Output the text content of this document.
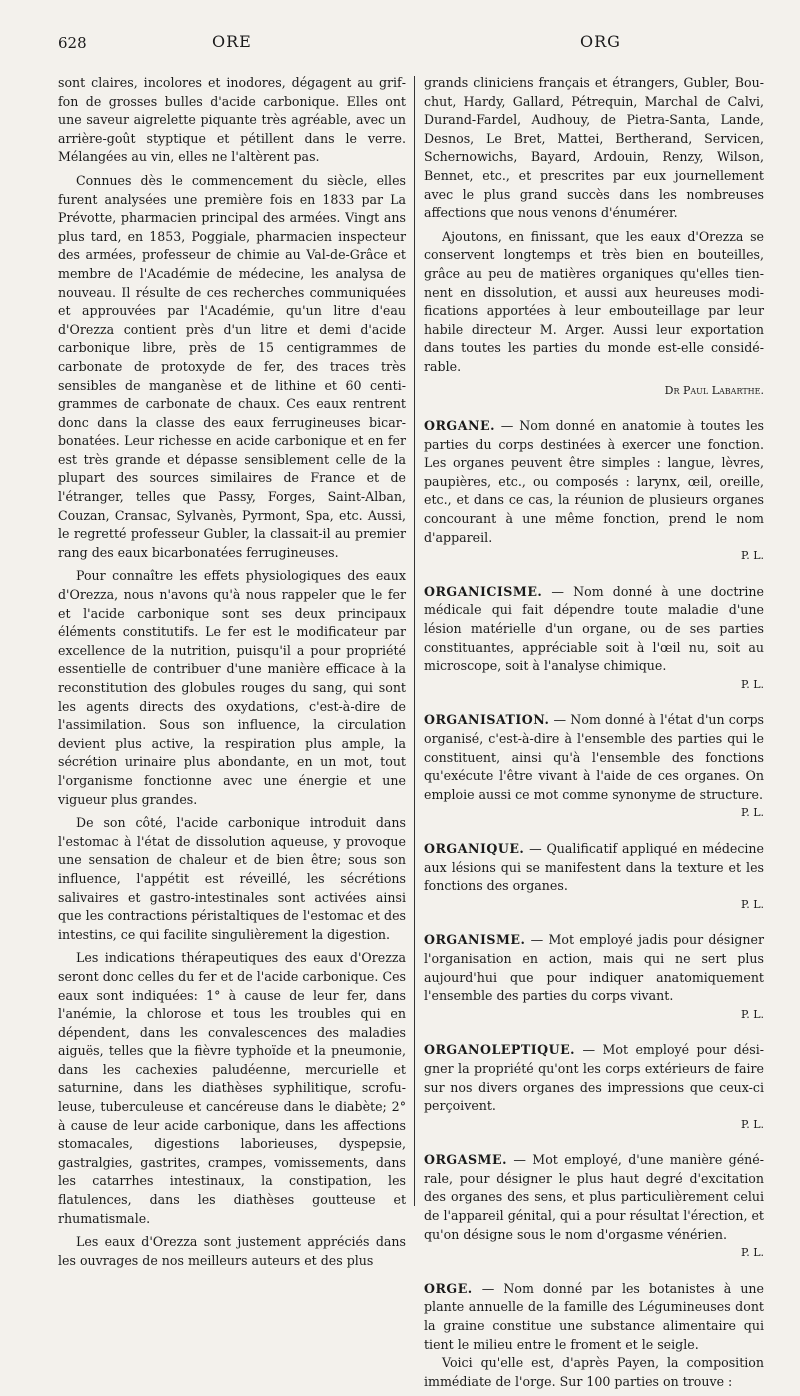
628	ORE	ORG

sont claires, incolores et inodores, dégagent au griffon de grosses bulles d'acide carbonique. Elles ont une saveur aigrelette piquante très agréable, avec un arrière-goût styptique et pétillent dans le verre. Mélangées au vin, elles ne l'altèrent pas.

Connues dès le commencement du siècle, elles furent analysées une première fois en 1833 par La Prévotte, pharmacien principal des armées. Vingt ans plus tard, en 1853, Poggiale, pharmacien inspecteur des armées, professeur de chimie au Val-de-Grâce et membre de l'Académie de médecine, les analysa de nouveau. Il résulte de ces recherches communiquées et approuvées par l'Académie, qu'un litre d'eau d'Orezza contient près d'un litre et demi d'acide carbonique libre, près de 15 centigrammes de carbonate de protoxyde de fer, des traces très sensibles de manganèse et de lithine et 60 centigrammes de carbonate de chaux. Ces eaux rentrent donc dans la classe des eaux ferrugineuses bicarbonatées. Leur richesse en acide carbonique et en fer est très grande et dépasse sensiblement celle de la plupart des sources similaires de France et de l'étranger, telles que Passy, Forges, Saint-Alban, Couzan, Cransac, Sylvanès, Pyrmont, Spa, etc. Aussi, le regretté professeur Gubler, la classait-il au premier rang des eaux bicarbonatées ferrugineuses.

Pour connaître les effets physiologiques des eaux d'Orezza, nous n'avons qu'à nous rappeler que le fer et l'acide carbonique sont ses deux principaux éléments constitutifs. Le fer est le modificateur par excellence de la nutrition, puisqu'il a pour propriété essentielle de contribuer d'une manière efficace à la reconstitution des globules rouges du sang, qui sont les agents directs des oxydations, c'est-à-dire de l'assimilation. Sous son influence, la circulation devient plus active, la respiration plus ample, la sécrétion urinaire plus abondante, en un mot, tout l'organisme fonctionne avec une énergie et une vigueur plus grandes.

De son côté, l'acide carbonique introduit dans l'estomac à l'état de dissolution aqueuse, y provoque une sensation de chaleur et de bien être; sous son influence, l'appétit est réveillé, les sécrétions salivaires et gastro-intestinales sont activées ainsi que les contractions péristaltiques de l'estomac et des intestins, ce qui facilite singulièrement la digestion.

Les indications thérapeutiques des eaux d'Orezza seront donc celles du fer et de l'acide carbonique. Ces eaux sont indiquées: 1° à cause de leur fer, dans l'anémie, la chlorose et tous les troubles qui en dépendent, dans les convalescences des maladies aiguës, telles que la fièvre typhoïde et la pneumonie, dans les cachexies paludéenne, mercurielle et saturnine, dans les diathèses syphilitique, scrofuleuse, tuberculeuse et cancéreuse dans le diabète; 2° à cause de leur acide carbonique, dans les affections stomacales, digestions laborieuses, dyspepsie, gastralgies, gastrites, crampes, vomissements, dans les catarrhes intestinaux, la constipation, les flatulences, dans les diathèses goutteuse et rhumatismale.

Les eaux d'Orezza sont justement appréciés dans les ouvrages de nos meilleurs auteurs et des plus

grands cliniciens français et étrangers, Gubler, Bouchut, Hardy, Gallard, Pétrequin, Marchal de Calvi, Durand-Fardel, Audhouy, de Pietra-Santa, Lande, Desnos, Le Bret, Mattei, Bertherand, Servicen, Schernowichs, Bayard, Ardouin, Renzy, Wilson, Bennet, etc., et prescrites par eux journellement avec le plus grand succès dans les nombreuses affections que nous venons d'énumérer.

Ajoutons, en finissant, que les eaux d'Orezza se conservent longtemps et très bien en bouteilles, grâce au peu de matières organiques qu'elles tiennent en dissolution, et aussi aux heureuses modifications apportées à leur embouteillage par leur habile directeur M. Arger. Aussi leur exportation dans toutes les parties du monde est-elle considérable.

Dr Paul Labarthe.

ORGANE. — Nom donné en anatomie à toutes les parties du corps destinées à exercer une fonction. Les organes peuvent être simples : langue, lèvres, paupières, etc., ou composés : larynx, œil, oreille, etc., et dans ce cas, la réunion de plusieurs organes concourant à une même fonction, prend le nom d'appareil.
P. L.
ORGANICISME. — Nom donné à une doctrine médicale qui fait dépendre toute maladie d'une lésion matérielle d'un organe, ou de ses parties constituantes, appréciable soit à l'œil nu, soit au microscope, soit à l'analyse chimique.
P. L.
ORGANISATION. — Nom donné à l'état d'un corps organisé, c'est-à-dire à l'ensemble des parties qui le constituent, ainsi qu'à l'ensemble des fonctions qu'exécute l'être vivant à l'aide de ces organes. On emploie aussi ce mot comme synonyme de structure.
P. L.
ORGANIQUE. — Qualificatif appliqué en médecine aux lésions qui se manifestent dans la texture et les fonctions des organes.
P. L.
ORGANISME. — Mot employé jadis pour désigner l'organisation en action, mais qui ne sert plus aujourd'hui que pour indiquer anatomiquement l'ensemble des parties du corps vivant.
P. L.
ORGANOLEPTIQUE. — Mot employé pour désigner la propriété qu'ont les corps extérieurs de faire sur nos divers organes des impressions que ceux-ci perçoivent.
P. L.
ORGASME. — Mot employé, d'une manière générale, pour désigner le plus haut degré d'excitation des organes des sens, et plus particulièrement celui de l'appareil génital, qui a pour résultat l'érection, et qu'on désigne sous le nom d'orgasme vénérien.
P. L.
ORGE. — Nom donné par les botanistes à une plante annuelle de la famille des Légumineuses dont la graine constitue une substance alimentaire qui tient le milieu entre le froment et le seigle.

Voici qu'elle est, d'après Payen, la composition immédiate de l'orge. Sur 100 parties on trouve :
